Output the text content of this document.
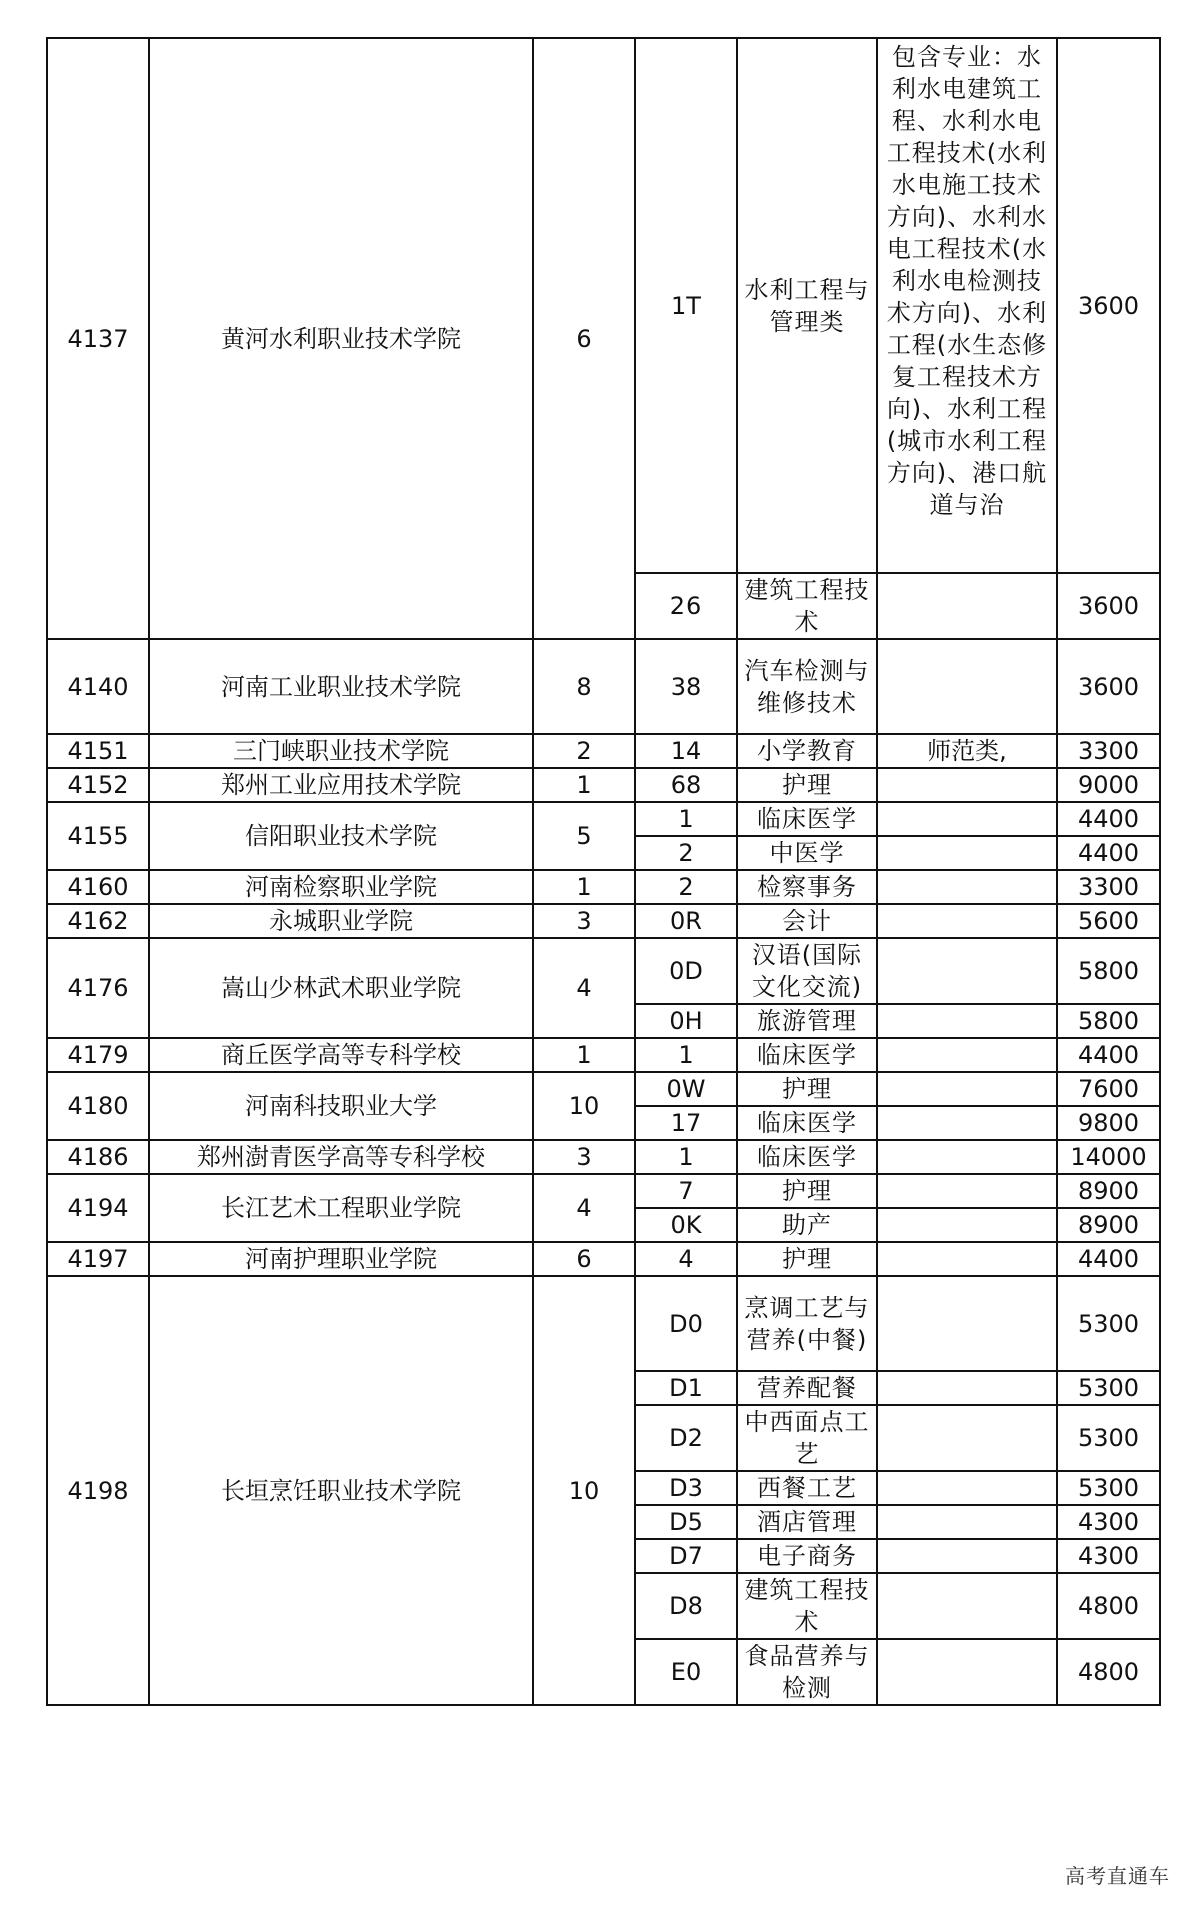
4137	黄河水利职业技术学院	6	1T	水利工程与管理类	包含专业：水利水电建筑工程、水利水电工程技术(水利水电施工技术方向)、水利水电工程技术(水利水电检测技术方向)、水利工程(水生态修复工程技术方向)、水利工程(城市水利工程方向)、港口航道与治	3600
			26	建筑工程技术		3600
4140	河南工业职业技术学院	8	38	汽车检测与维修技术		3600
4151	三门峡职业技术学院	2	14	小学教育	师范类,	3300
4152	郑州工业应用技术学院	1	68	护理		9000
4155	信阳职业技术学院	5	1	临床医学		4400
			2	中医学		4400
4160	河南检察职业学院	1	2	检察事务		3300
4162	永城职业学院	3	0R	会计		5600
4176	嵩山少林武术职业学院	4	0D	汉语(国际文化交流)		5800
			0H	旅游管理		5800
4179	商丘医学高等专科学校	1	1	临床医学		4400
4180	河南科技职业大学	10	0W	护理		7600
			17	临床医学		9800
4186	郑州澍青医学高等专科学校	3	1	临床医学		14000
4194	长江艺术工程职业学院	4	7	护理		8900
			0K	助产		8900
4197	河南护理职业学院	6	4	护理		4400
4198	长垣烹饪职业技术学院	10	D0	烹调工艺与营养(中餐)		5300
			D1	营养配餐		5300
			D2	中西面点工艺		5300
			D3	西餐工艺		5300
			D5	酒店管理		4300
			D7	电子商务		4300
			D8	建筑工程技术		4800
			E0	食品营养与检测		4800
高考直通车
